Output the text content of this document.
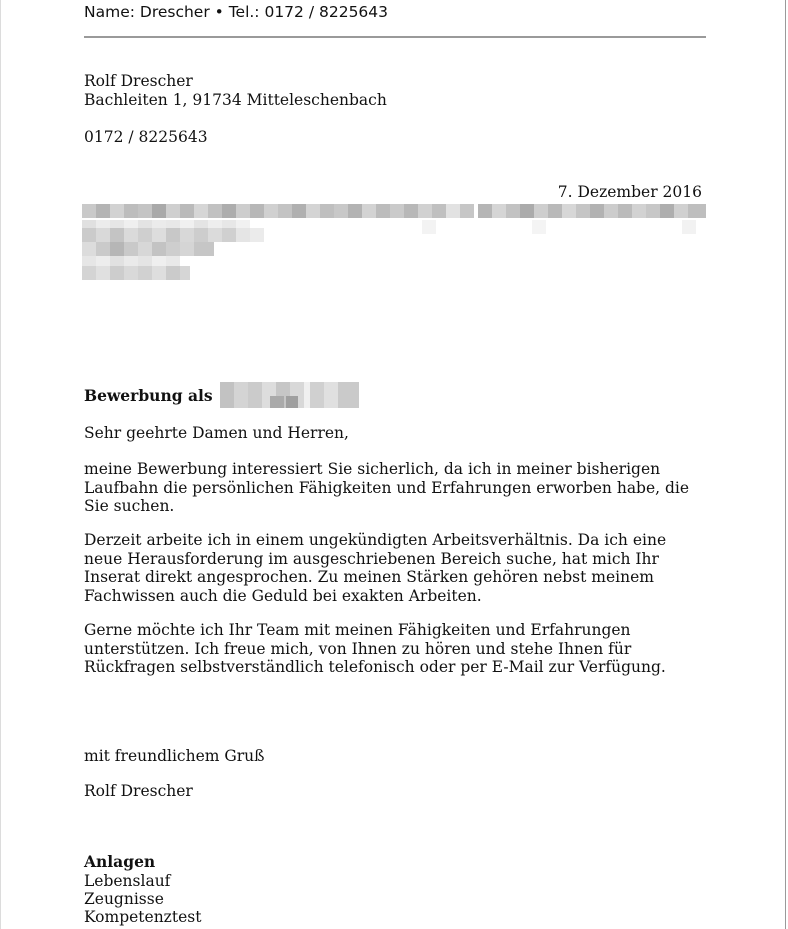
Name: Drescher • Tel.: 0172 / 8225643
Rolf Drescher
Bachleiten 1, 91734 Mitteleschenbach
0172 / 8225643
7. Dezember 2016
Bewerbung als
Sehr geehrte Damen und Herren,
meine Bewerbung interessiert Sie sicherlich, da ich in meiner bisherigen Laufbahn die persönlichen Fähigkeiten und Erfahrungen erworben habe, die Sie suchen.
Derzeit arbeite ich in einem ungekündigten Arbeitsverhältnis. Da ich eine neue Herausforderung im ausgeschriebenen Bereich suche, hat mich Ihr Inserat direkt angesprochen. Zu meinen Stärken gehören nebst meinem Fachwissen auch die Geduld bei exakten Arbeiten.
Gerne möchte ich Ihr Team mit meinen Fähigkeiten und Erfahrungen unterstützen. Ich freue mich, von Ihnen zu hören und stehe Ihnen für Rückfragen selbstverständlich telefonisch oder per E-Mail zur Verfügung.
mit freundlichem Gruß
Rolf Drescher
Anlagen
Lebenslauf
Zeugnisse
Kompetenztest
